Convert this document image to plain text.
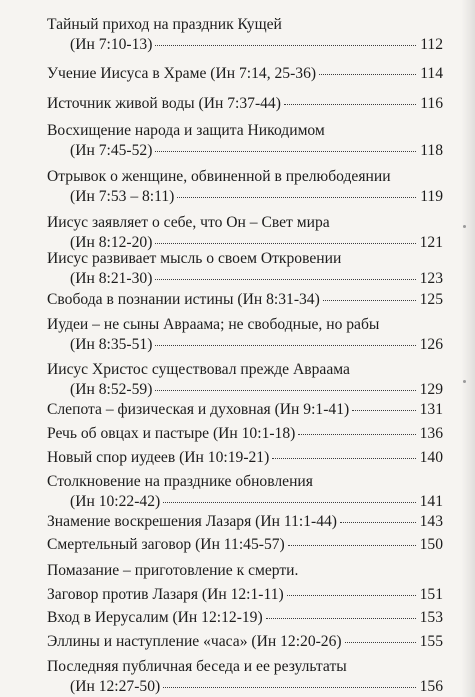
Тайный приход на праздник Кущей
(Ин 7:10-13)	112
Учение Иисуса в Храме (Ин 7:14, 25-36)	114
Источник живой воды (Ин 7:37-44)	116
Восхищение народа и защита Никодимом
(Ин 7:45-52)	118
Отрывок о женщине, обвиненной в прелюбодеянии
(Ин 7:53 – 8:11)	119
Иисус заявляет о себе, что Он – Свет мира
(Ин 8:12-20)	121
Иисус развивает мысль о своем Откровении
(Ин 8:21-30)	123
Свобода в познании истины (Ин 8:31-34)	125
Иудеи – не сыны Авраама; не свободные, но рабы
(Ин 8:35-51)	126
Иисус Христос существовал прежде Авраама
(Ин 8:52-59)	129
Слепота – физическая и духовная (Ин 9:1-41)	131
Речь об овцах и пастыре (Ин 10:1-18)	136
Новый спор иудеев (Ин 10:19-21)	140
Столкновение на празднике обновления
(Ин 10:22-42)	141
Знамение воскрешения Лазаря (Ин 11:1-44)	143
Смертельный заговор (Ин 11:45-57)	150
Помазание – приготовление к смерти.
Заговор против Лазаря (Ин 12:1-11)	151
Вход в Иерусалим (Ин 12:12-19)	153
Эллины и наступление «часа» (Ин 12:20-26)	155
Последняя публичная беседа и ее результаты
(Ин 12:27-50)	156
